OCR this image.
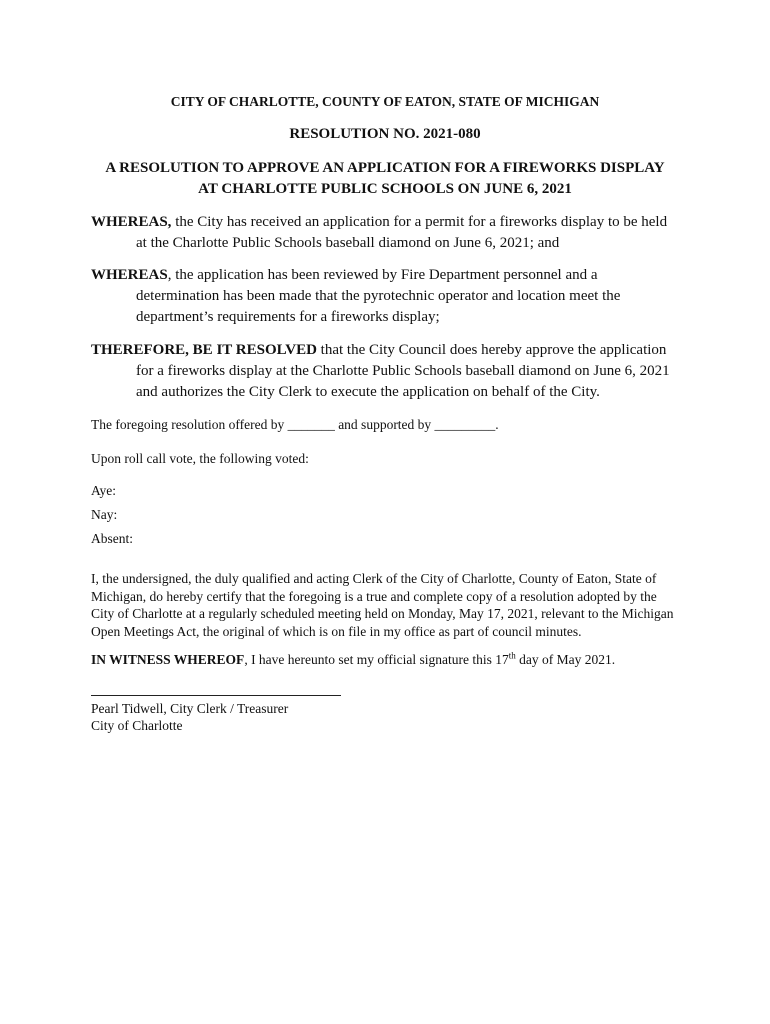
CITY OF CHARLOTTE, COUNTY OF EATON, STATE OF MICHIGAN
RESOLUTION NO. 2021-080
A RESOLUTION TO APPROVE AN APPLICATION FOR A FIREWORKS DISPLAY
AT CHARLOTTE PUBLIC SCHOOLS ON JUNE 6, 2021
WHEREAS, the City has received an application for a permit for a fireworks display to be held
at the Charlotte Public Schools baseball diamond on June 6, 2021; and
WHEREAS, the application has been reviewed by Fire Department personnel and a
determination has been made that the pyrotechnic operator and location meet the
department’s requirements for a fireworks display;
THEREFORE, BE IT RESOLVED that the City Council does hereby approve the application
for a fireworks display at the Charlotte Public Schools baseball diamond on June 6, 2021
and authorizes the City Clerk to execute the application on behalf of the City.
The foregoing resolution offered by _______ and supported by _________.
Upon roll call vote, the following voted:
Aye:
Nay:
Absent:
I, the undersigned, the duly qualified and acting Clerk of the City of Charlotte, County of Eaton, State of
Michigan, do hereby certify that the foregoing is a true and complete copy of a resolution adopted by the
City of Charlotte at a regularly scheduled meeting held on Monday, May 17, 2021, relevant to the Michigan
Open Meetings Act, the original of which is on file in my office as part of council minutes.
IN WITNESS WHEREOF, I have hereunto set my official signature this 17th day of May 2021.
Pearl Tidwell, City Clerk / Treasurer
City of Charlotte
